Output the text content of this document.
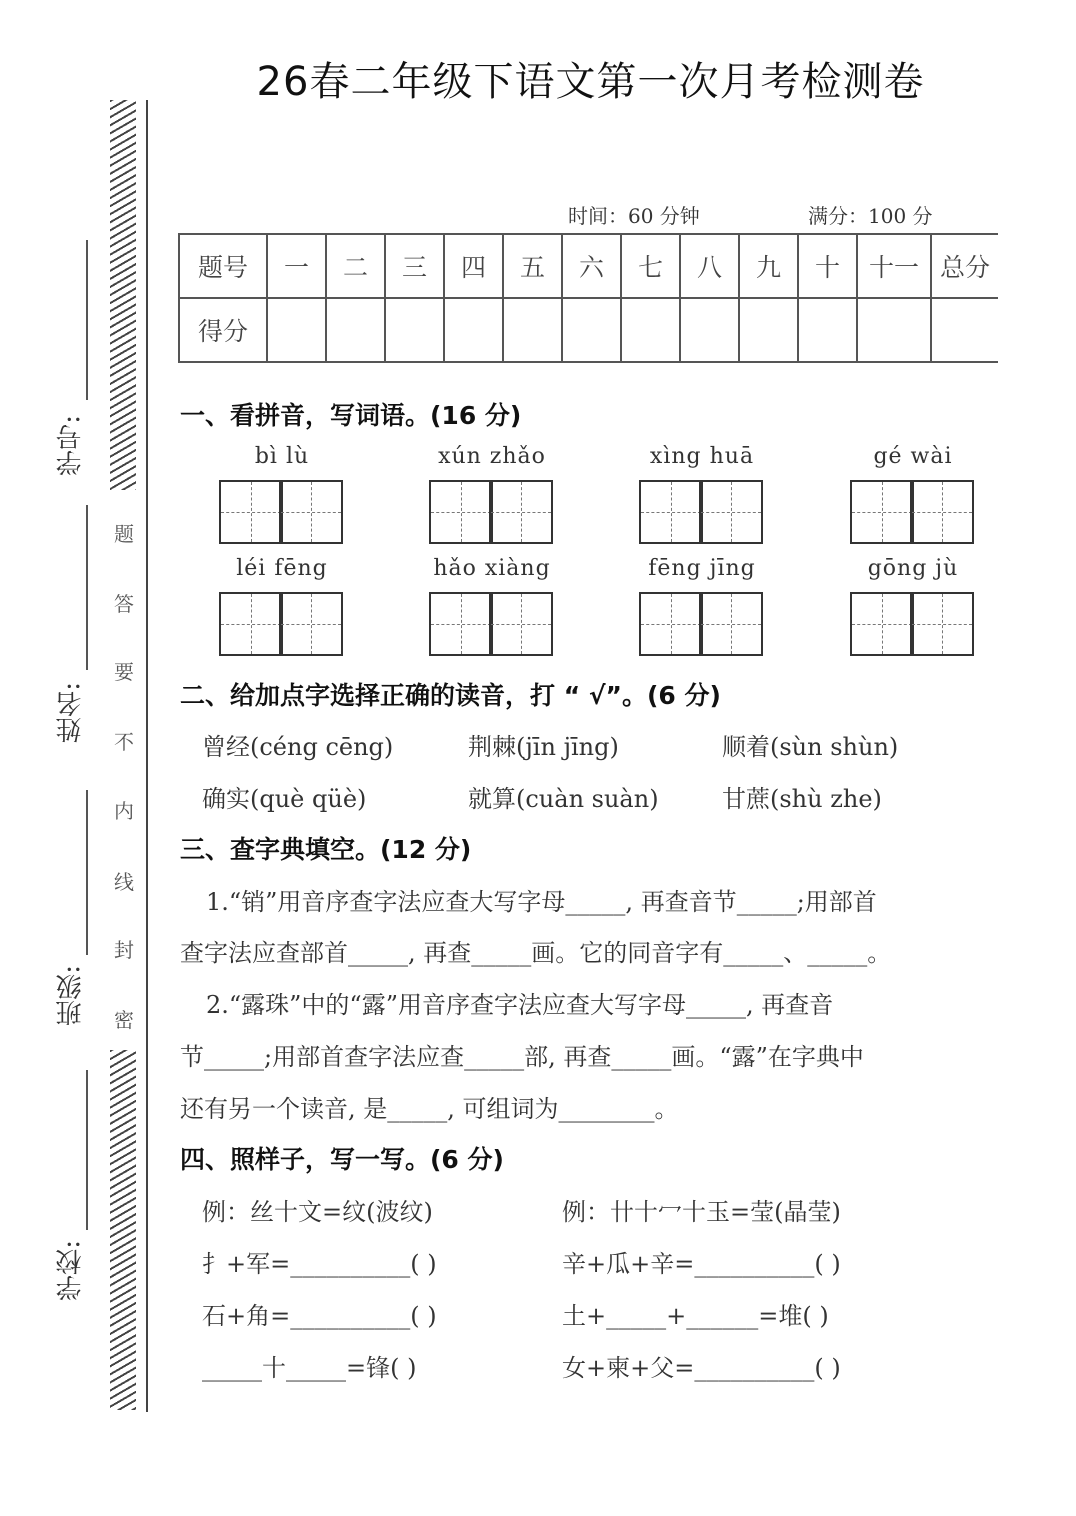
26春二年级下语文第一次月考检测卷
题
答
要
不
内
线
封
密
学号:
姓名:
班级:
学校:
时间：60 分钟	满分：100 分
题号	一	二	三	四	五	六	七	八	九	十	十一	总分
得分												
一、看拼音，写词语。(16 分)
bì lù	xún zhǎo	xìng huā	gé wài
léi fēng	hǎo xiàng	fēng jīng	gōng jù
二、给加点字选择正确的读音，打 “ √”。(6 分)
曾经(céng cēng)	荆棘(jīn jīng)	顺着(sùn shùn)
确实(què qüè)	就算(cuàn suàn)	甘蔗(shù zhe)
三、查字典填空。(12 分)
1.“销”用音序查字法应查大写字母_____, 再查音节_____;用部首
查字法应查部首_____, 再查_____画。它的同音字有_____、_____。
2.“露珠”中的“露”用音序查字法应查大写字母_____, 再查音
节_____;用部首查字法应查_____部, 再查_____画。“露”在字典中
还有另一个读音, 是_____, 可组词为________。
四、照样子，写一写。(6 分)
例：丝十文=纹(波纹)
扌+军=__________( )
石+角=__________( )
_____十_____=锋( )
例：卄十冖十玉=莹(晶莹)
辛+瓜+辛=__________( )
土+_____+______=堆( )
女+柬+父=__________( )
